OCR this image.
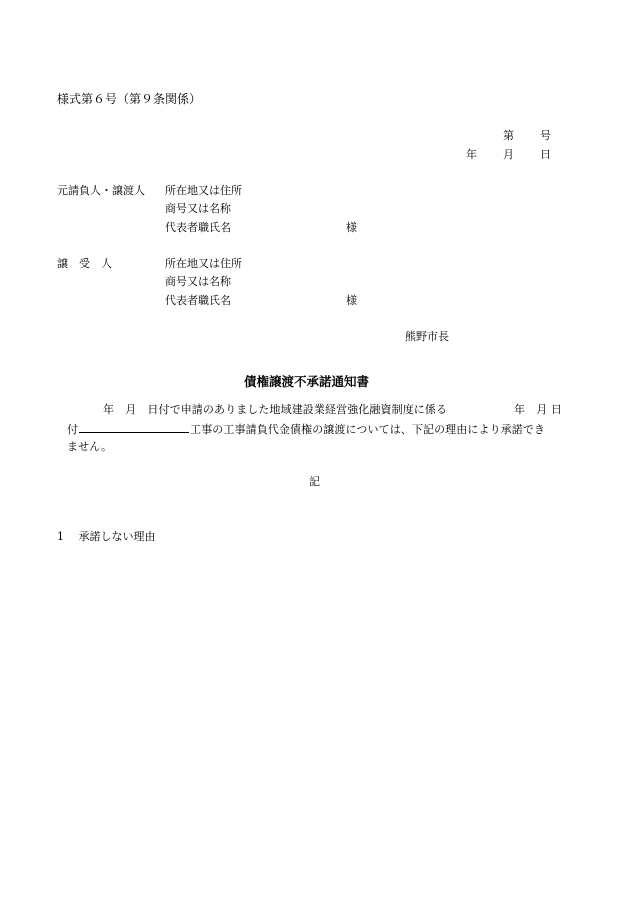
様式第６号（第９条関係）
第 号
年 月 日
元請負人・譲渡人 所在地又は住所
商号又は名称
代表者職氏名	様
譲　受　人	所在地又は住所
商号又は名称
代表者職氏名	様
熊野市長
債権譲渡不承諾通知書
年　月　日付で申請のありました地域建設業経営強化融資制度に係る	年　月 日
付	工事の工事請負代金債権の譲渡については、下記の理由により承諾でき
ません。
記
1　 承諾しない理由
